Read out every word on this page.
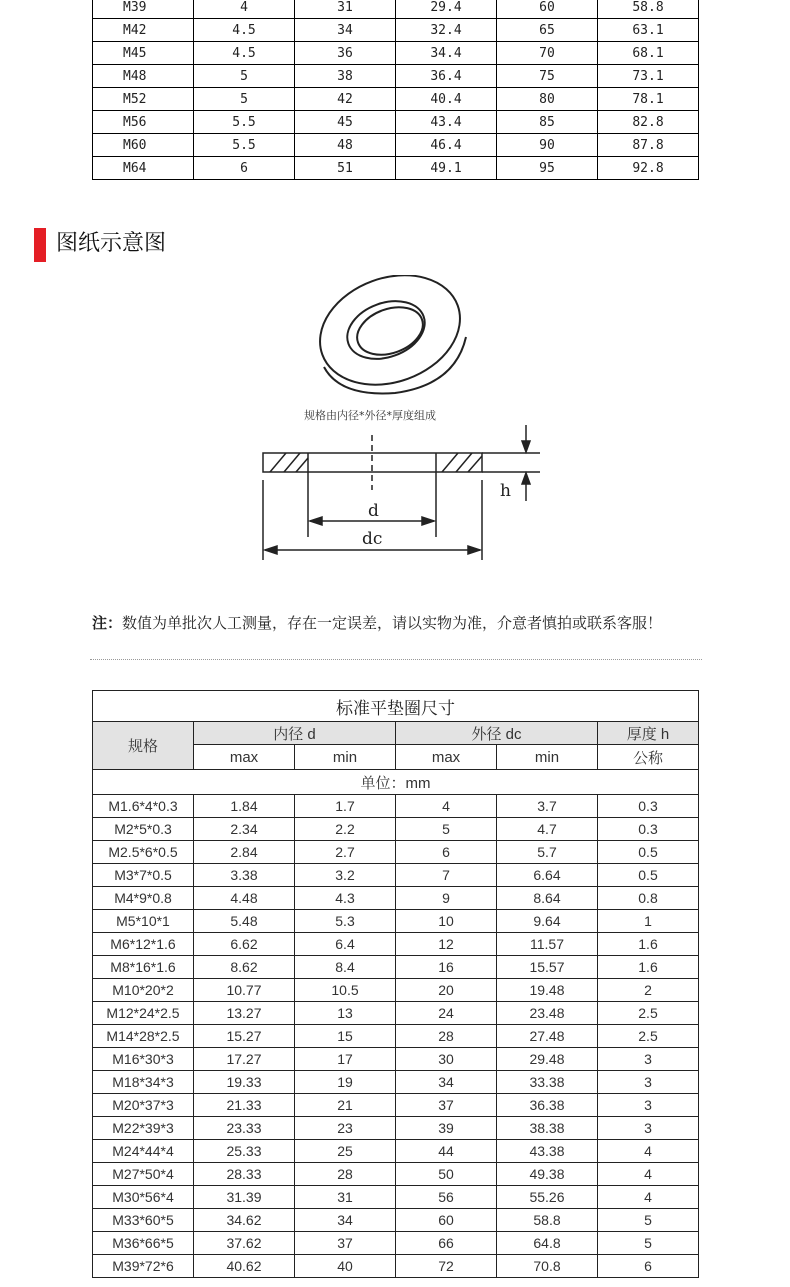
M39	4	31	29.4	60	58.8
M42	4.5	34	32.4	65	63.1
M45	4.5	36	34.4	70	68.1
M48	5	38	36.4	75	73.1
M52	5	42	40.4	80	78.1
M56	5.5	45	43.4	85	82.8
M60	5.5	48	46.4	90	87.8
M64	6	51	49.1	95	92.8
图纸示意图
d
dc
h
规格由内径*外径*厚度组成
注：数值为单批次人工测量，存在一定误差，请以实物为准，介意者慎拍或联系客服！
标准平垫圈尺寸					
规格	内径 d		外径 dc		厚度 h
	max	min	max	min	公称
单位：mm					
M1.6*4*0.3	1.84	1.7	4	3.7	0.3
M2*5*0.3	2.34	2.2	5	4.7	0.3
M2.5*6*0.5	2.84	2.7	6	5.7	0.5
M3*7*0.5	3.38	3.2	7	6.64	0.5
M4*9*0.8	4.48	4.3	9	8.64	0.8
M5*10*1	5.48	5.3	10	9.64	1
M6*12*1.6	6.62	6.4	12	11.57	1.6
M8*16*1.6	8.62	8.4	16	15.57	1.6
M10*20*2	10.77	10.5	20	19.48	2
M12*24*2.5	13.27	13	24	23.48	2.5
M14*28*2.5	15.27	15	28	27.48	2.5
M16*30*3	17.27	17	30	29.48	3
M18*34*3	19.33	19	34	33.38	3
M20*37*3	21.33	21	37	36.38	3
M22*39*3	23.33	23	39	38.38	3
M24*44*4	25.33	25	44	43.38	4
M27*50*4	28.33	28	50	49.38	4
M30*56*4	31.39	31	56	55.26	4
M33*60*5	34.62	34	60	58.8	5
M36*66*5	37.62	37	66	64.8	5
M39*72*6	40.62	40	72	70.8	6
